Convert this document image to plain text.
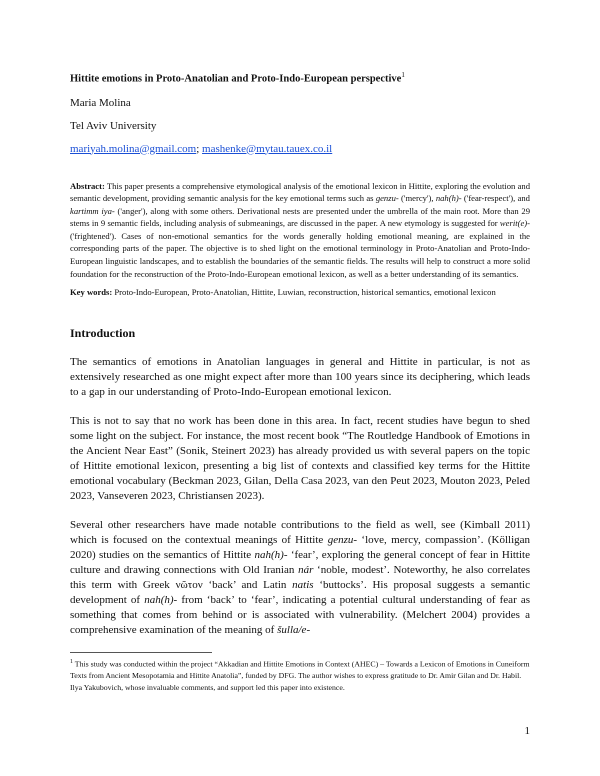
Hittite emotions in Proto-Anatolian and Proto-Indo-European perspective$^1$
Maria Molina
Tel Aviv University
mariyah.molina@gmail.com; mashenke@mytau.tauex.co.il
Abstract: This paper presents a comprehensive etymological analysis of the emotional lexicon in Hittite, exploring the evolution and semantic development, providing semantic analysis for the key emotional terms such as genzu- ('mercy'), nah(h)- ('fear-respect'), and kartimm iya- ('anger'), along with some others. Derivational nests are presented under the umbrella of the main root. More than 29 stems in 9 semantic fields, including analysis of submeanings, are discussed in the paper. A new etymology is suggested for werit(e)- ('frightened'). Cases of non-emotional semantics for the words generally holding emotional meaning, are explained in the corresponding parts of the paper. The objective is to shed light on the emotional terminology in Proto-Anatolian and Proto-Indo-European linguistic landscapes, and to establish the boundaries of the semantic fields. The results will help to construct a more solid foundation for the reconstruction of the Proto-Indo-European emotional lexicon, as well as a better understanding of its semantics.
Key words: Proto-Indo-European, Proto-Anatolian, Hittite, Luwian, reconstruction, historical semantics, emotional lexicon
Introduction

The semantics of emotions in Anatolian languages in general and Hittite in particular, is not as extensively researched as one might expect after more than 100 years since its deciphering, which leads to a gap in our understanding of Proto-Indo-European emotional lexicon.

This is not to say that no work has been done in this area. In fact, recent studies have begun to shed some light on the subject. For instance, the most recent book “The Routledge Handbook of Emotions in the Ancient Near East” (Sonik, Steinert 2023) has already provided us with several papers on the topic of Hittite emotional lexicon, presenting a big list of contexts and classified key terms for the Hittite emotional vocabulary (Beckman 2023, Gilan, Della Casa 2023, van den Peut 2023, Mouton 2023, Peled 2023, Vanseveren 2023, Christiansen 2023).

Several other researchers have made notable contributions to the field as well, see (Kimball 2011) which is focused on the contextual meanings of Hittite genzu- ‘love, mercy, compassion’. (Kölligan 2020) studies on the semantics of Hittite nah(h)- ‘fear’, exploring the general concept of fear in Hittite culture and drawing connections with Old Iranian nár ‘noble, modest’. Noteworthy, he also correlates this term with Greek νῶτον ‘back’ and Latin natis ‘buttocks’. His proposal suggests a semantic development of nah(h)- from ‘back’ to ‘fear’, indicating a potential cultural understanding of fear as something that comes from behind or is associated with vulnerability. (Melchert 2004) provides a comprehensive examination of the meaning of šulla/e-

$^1$ This study was conducted within the project “Akkadian and Hittite Emotions in Context (AHEC) – Towards a Lexicon of Emotions in Cuneiform Texts from Ancient Mesopotamia and Hittite Anatolia”, funded by DFG. The author wishes to express gratitude to Dr. Amir Gilan and Dr. Habil. Ilya Yakubovich, whose invaluable comments, and support led this paper into existence.
1
